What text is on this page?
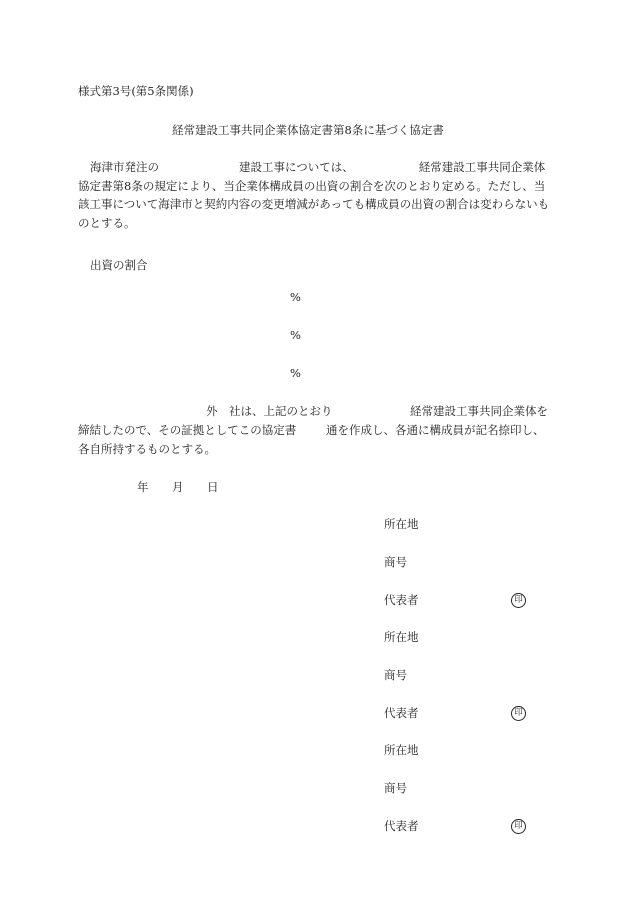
様式第3号(第5条関係)
経常建設工事共同企業体協定書第8条に基づく協定書
海津市発注の	建設工事については、	経常建設工事共同企業体協定書第8条の規定により、当企業体構成員の出資の割合を次のとおり定める。ただし、当該工事について海津市と契約内容の変更増減があっても構成員の出資の割合は変わらないものとする。
出資の割合
%
%
%
外　社は、上記のとおり	経常建設工事共同企業体を
締結したので、その証拠としてこの協定書	通を作成し、各通に構成員が記名捺印し、
各自所持するものとする。
年 月 日
所在地
商号
代表者	印
所在地
商号
代表者	印
所在地
商号
代表者	印
